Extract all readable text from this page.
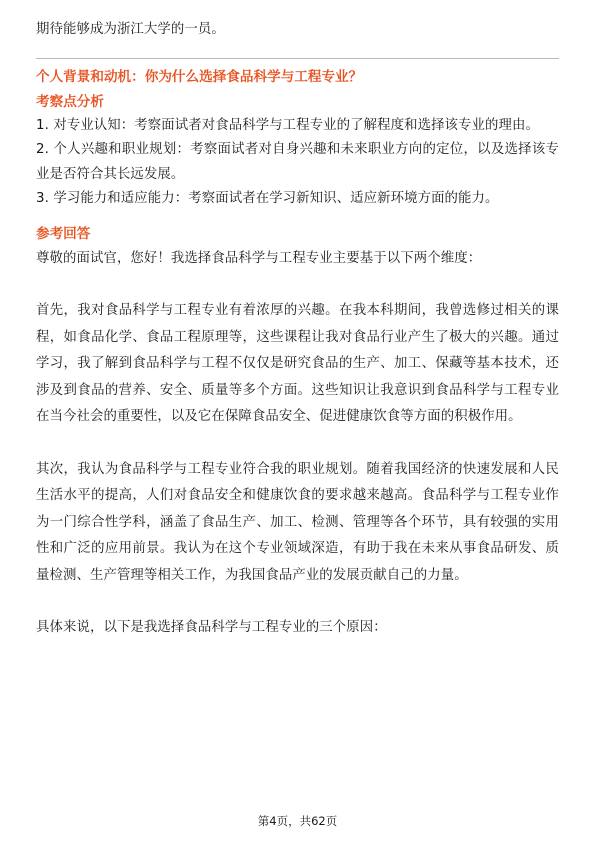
期待能够成为浙江大学的一员。

个人背景和动机：你为什么选择食品科学与工程专业？
考察点分析

1. 对专业认知：考察面试者对食品科学与工程专业的了解程度和选择该专业的理由。

2. 个人兴趣和职业规划：考察面试者对自身兴趣和未来职业方向的定位，以及选择该专业是否符合其长远发展。

3. 学习能力和适应能力：考察面试者在学习新知识、适应新环境方面的能力。

参考回答

尊敬的面试官，您好！我选择食品科学与工程专业主要基于以下两个维度：

首先，我对食品科学与工程专业有着浓厚的兴趣。在我本科期间，我曾选修过相关的课程，如食品化学、食品工程原理等，这些课程让我对食品行业产生了极大的兴趣。通过学习，我了解到食品科学与工程不仅仅是研究食品的生产、加工、保藏等基本技术，还涉及到食品的营养、安全、质量等多个方面。这些知识让我意识到食品科学与工程专业在当今社会的重要性，以及它在保障食品安全、促进健康饮食等方面的积极作用。

其次，我认为食品科学与工程专业符合我的职业规划。随着我国经济的快速发展和人民生活水平的提高，人们对食品安全和健康饮食的要求越来越高。食品科学与工程专业作为一门综合性学科，涵盖了食品生产、加工、检测、管理等各个环节，具有较强的实用性和广泛的应用前景。我认为在这个专业领域深造，有助于我在未来从事食品研发、质量检测、生产管理等相关工作，为我国食品产业的发展贡献自己的力量。

具体来说，以下是我选择食品科学与工程专业的三个原因：

第4页，共62页
